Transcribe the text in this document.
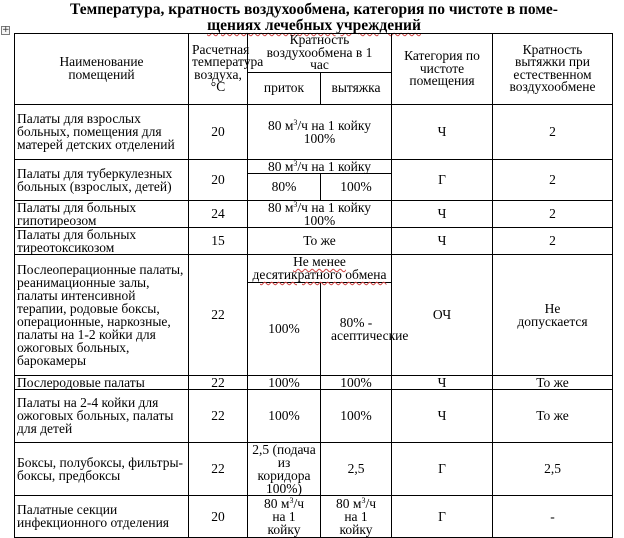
+
Температура, кратность воздухообмена, категория по чистоте в поме-
щениях лечебных учреждений
Наименование помещений	Расчетная температура воздуха, °С	Кратность воздухообмена в 1 час		Категория по чистоте помещения	Кратность вытяжки при естественном воздухообмене
		приток	вытяжка		
Палаты для взрослых больных, помещения для матерей детских отделений	20	80 $м^3/ч$ на 1 койку 100%		Ч	2
Палаты для туберкулезных больных (взрослых, детей)	20	80 $м^3/ч$ на 1 койку		Г	2
		80%	100%		
Палаты для больных гипотиреозом	24	80 $м^3/ч$ на 1 койку 100%		Ч	2
Палаты для больных тиреотоксикозом	15	То же		Ч	2
Послеоперационные палаты, реанимационные залы, палаты интенсивной терапии, родовые боксы, операционные, наркозные, палаты на 1-2 койки для ожоговых больных, барокамеры	22	Не менее десятикратного обмена		ОЧ	Не допускается
		100%	80% - асептические		
Послеродовые палаты	22	100%	100%	Ч	То же
Палаты на 2-4 койки для ожоговых больных, палаты для детей	22	100%	100%	Ч	То же
Боксы, полубоксы, фильтры-боксы, предбоксы	22	2,5 (подача из коридора 100%)	2,5	Г	2,5
Палатные секции инфекционного отделения	20	80 $м^3/ч$ на 1 койку	80 $м^3/ч$ на 1 койку	Г	-
